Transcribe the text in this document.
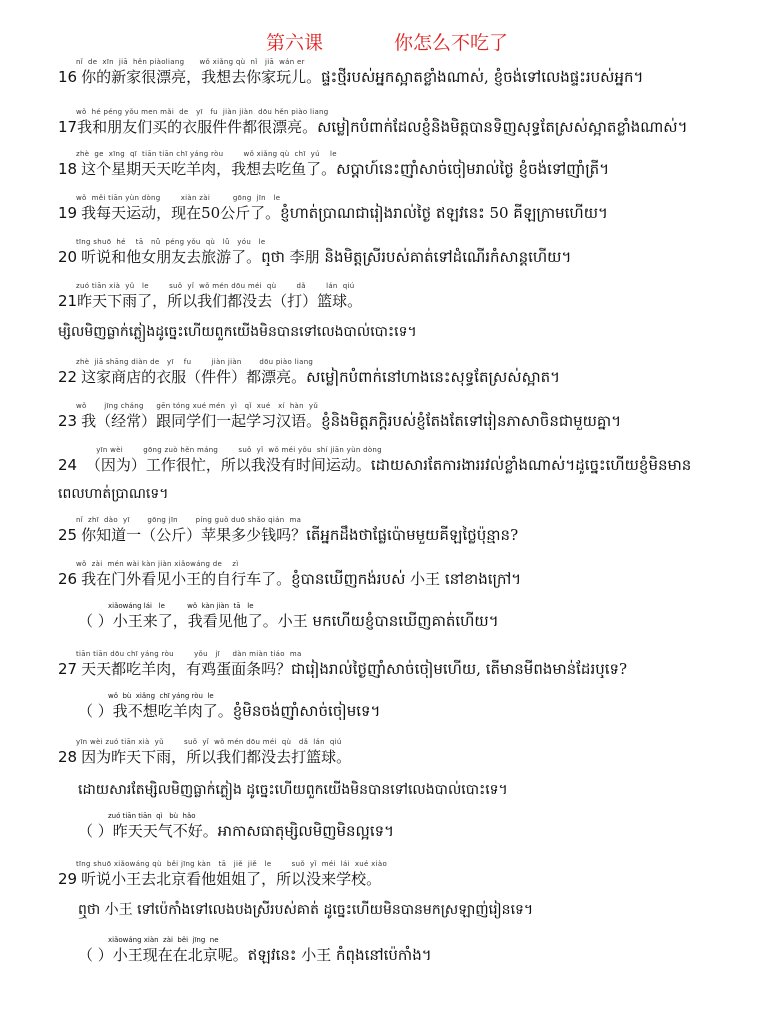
第六课	你怎么不吃了
nǐ  de  xīn  jiā  hěn piàoliang      wǒ xiǎng qù  nǐ   jiā  wán er
16 你的新家很漂亮，我想去你家玩儿。ផ្ទះថ្មីរបស់អ្នកស្អាតខ្លាំងណាស់, ខ្ញុំចង់ទៅលេងផ្ទះរបស់អ្នក។
wǒ  hé péng yǒu men mǎi  de   yī   fu  jiàn jiàn  dōu hěn piào liang
17我和朋友们买的衣服件件都很漂亮。សម្លៀកបំពាក់ដែលខ្ញុំនិងមិត្តបានទិញសុទ្ធតែស្រស់ស្អាតខ្លាំងណាស់។
zhè  ge  xīng  qī  tiān tiān chī yáng ròu        wǒ xiǎng qù  chī  yú    le
18 这个星期天天吃羊肉，我想去吃鱼了。សប្តាហ៍នេះញ៉ាំសាច់ចៀមរាល់ថ្ងៃ ខ្ញុំចង់ទៅញ៉ាំត្រី។
wǒ  měi tiān yùn dòng        xiàn zài         gōng  jīn   le
19 我每天运动，现在50公斤了。ខ្ញុំហាត់ប្រាណជារៀងរាល់ថ្ងៃ ឥឡូវនេះ 50 គីឡូក្រាមហើយ។
tīng shuō  hé    tā   nǚ  péng yǒu  qù   lǚ   yóu   le
20 听说和他女朋友去旅游了。ឮថា 李朋 និងមិត្តស្រីរបស់គាត់ទៅដំណើរកំសាន្តហើយ។
zuó tiān xià  yǔ   le        suǒ  yǐ  wǒ mén dōu méi  qù        dǎ        lán  qiú
21昨天下雨了，所以我们都没去（打）篮球。
ម្សិលមិញធ្លាក់ភ្លៀងដូច្នេះហើយពួកយើងមិនបានទៅលេងបាល់បោះទេ។
zhè  jiā shāng diàn de   yī    fu        jiàn jiàn       dōu piào liang
22 这家商店的衣服（件件）都漂亮。សម្លៀកបំពាក់នៅហាងនេះសុទ្ធតែស្រស់ស្អាត។
wǒ       jīng cháng     gēn tóng xué mén  yì   qǐ  xué   xí  hàn  yǔ
23 我（经常）跟同学们一起学习汉语。ខ្ញុំនិងមិត្តភក្តិរបស់ខ្ញុំតែងតែទៅរៀនភាសាចិនជាមួយគ្នា។
yīn wèi        gōng zuò hěn máng        suǒ  yǐ  wǒ méi yǒu  shí jiān yùn dòng
24 （因为）工作很忙，所以我没有时间运动。ដោយសារតែការងាររវល់ខ្លាំងណាស់។ដូច្នេះហើយខ្ញុំមិនមាន
ពេលហាត់ប្រាណទេ។
nǐ  zhī  dào  yī       gōng jīn       píng guǒ duō shǎo qián  ma
25 你知道一（公斤）苹果多少钱吗？តើអ្នកដឹងថាផ្លែប៉ោមមួយគីឡូថ្លៃប៉ុន្មាន?
wǒ  zài  mén wài kàn jiàn xiǎowáng de    zì
26 我在门外看见小王的自行车了。ខ្ញុំបានឃើញកង់របស់ 小王 នៅខាងក្រៅ។
xiǎowáng lái   le          wǒ  kàn jiàn  tā   le
（ ）小王来了，我看见他了。小王 មកហើយខ្ញុំបានឃើញគាត់ហើយ។
tiān tiān dōu chī yáng ròu        yǒu   jī     dàn miàn tiáo  ma
27 天天都吃羊肉，有鸡蛋面条吗？ជារៀងរាល់ថ្ងៃញ៉ាំសាច់ចៀមហើយ, តើមានមីពងមាន់ដែរឬទេ?
wǒ  bù  xiǎng  chī yáng ròu  le
（ ）我不想吃羊肉了。ខ្ញុំមិនចង់ញ៉ាំសាច់ចៀមទេ។
yīn wèi zuó tiān xià  yǔ        suǒ  yǐ  wǒ mén dōu méi  qù   dǎ  lán  qiú
28 因为昨天下雨，所以我们都没去打篮球。
ដោយសារតែម្សិលមិញធ្លាក់ភ្លៀង ដូច្នេះហើយពួកយើងមិនបានទៅលេងបាល់បោះទេ។
zuó tiān tiān  qì   bù  hǎo
（ ）昨天天气不好。អាកាសធាតុម្សិលមិញមិនល្អទេ។
tīng shuō xiǎowáng qù  běi jīng kàn   tā   jiě  jiě   le        suǒ  yǐ  méi  lái  xué xiào
29 听说小王去北京看他姐姐了，所以没来学校。
ឮថា 小王 ទៅប៉េកាំងទៅលេងបងស្រីរបស់គាត់ ដូច្នេះហើយមិនបានមកស្រឡាញ់រៀនទេ។
xiǎowáng xiàn  zài  běi  jīng  ne
（ ）小王现在在北京呢。ឥឡូវនេះ 小王 កំពុងនៅប៉េកាំង។
